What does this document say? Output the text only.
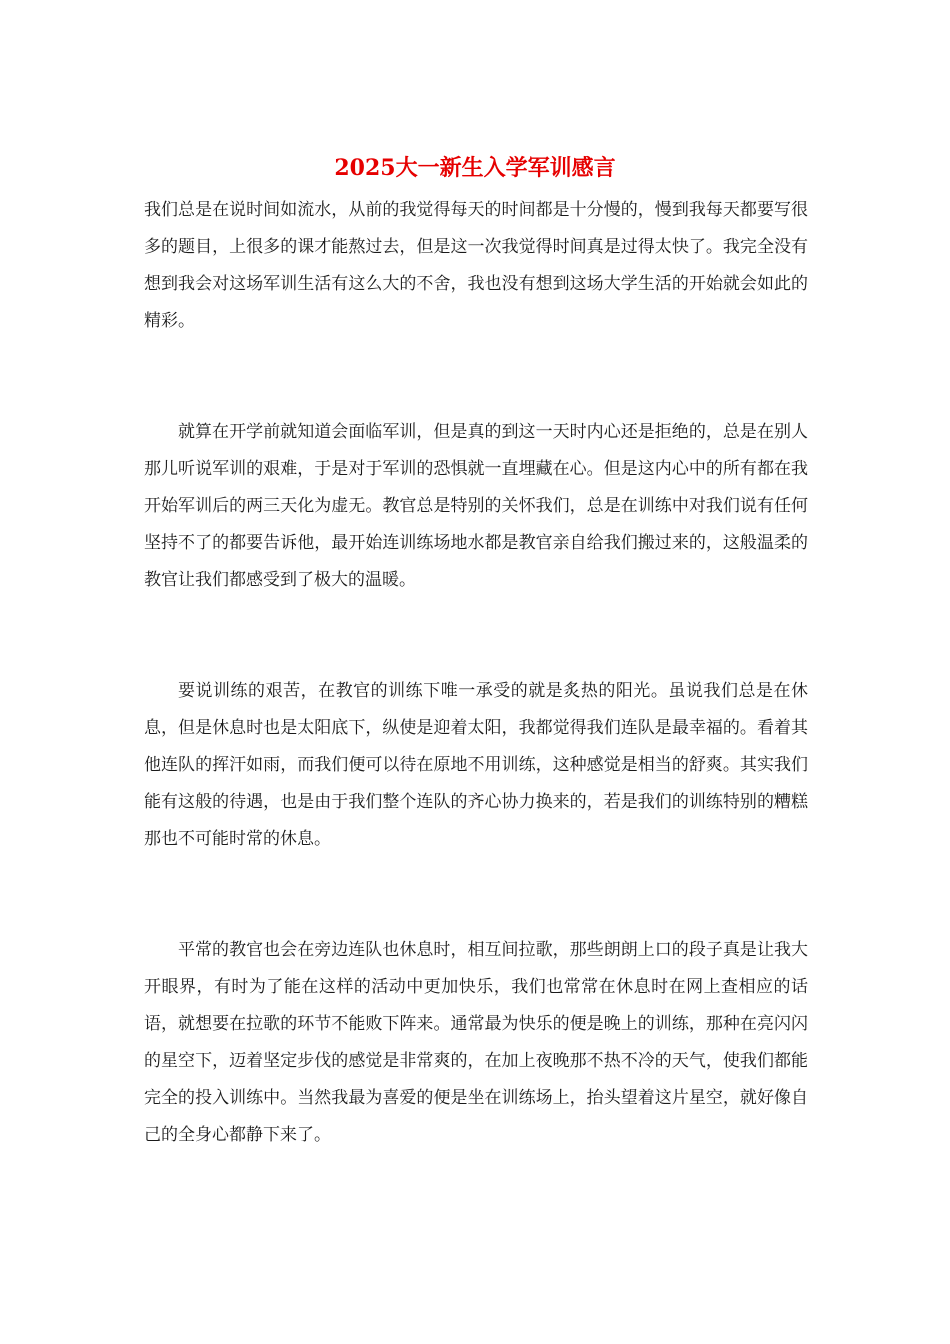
2025大一新生入学军训感言

我们总是在说时间如流水，从前的我觉得每天的时间都是十分慢的，慢到我每天都要写很多的题目，上很多的课才能熬过去，但是这一次我觉得时间真是过得太快了。我完全没有想到我会对这场军训生活有这么大的不舍，我也没有想到这场大学生活的开始就会如此的精彩。

就算在开学前就知道会面临军训，但是真的到这一天时内心还是拒绝的，总是在别人那儿听说军训的艰难，于是对于军训的恐惧就一直埋藏在心。但是这内心中的所有都在我开始军训后的两三天化为虚无。教官总是特别的关怀我们，总是在训练中对我们说有任何坚持不了的都要告诉他，最开始连训练场地水都是教官亲自给我们搬过来的，这般温柔的教官让我们都感受到了极大的温暖。

要说训练的艰苦，在教官的训练下唯一承受的就是炙热的阳光。虽说我们总是在休息，但是休息时也是太阳底下，纵使是迎着太阳，我都觉得我们连队是最幸福的。看着其他连队的挥汗如雨，而我们便可以待在原地不用训练，这种感觉是相当的舒爽。其实我们能有这般的待遇，也是由于我们整个连队的齐心协力换来的，若是我们的训练特别的糟糕那也不可能时常的休息。

平常的教官也会在旁边连队也休息时，相互间拉歌，那些朗朗上口的段子真是让我大开眼界，有时为了能在这样的活动中更加快乐，我们也常常在休息时在网上查相应的话语，就想要在拉歌的环节不能败下阵来。通常最为快乐的便是晚上的训练，那种在亮闪闪的星空下，迈着坚定步伐的感觉是非常爽的，在加上夜晚那不热不冷的天气，使我们都能完全的投入训练中。当然我最为喜爱的便是坐在训练场上，抬头望着这片星空，就好像自己的全身心都静下来了。
